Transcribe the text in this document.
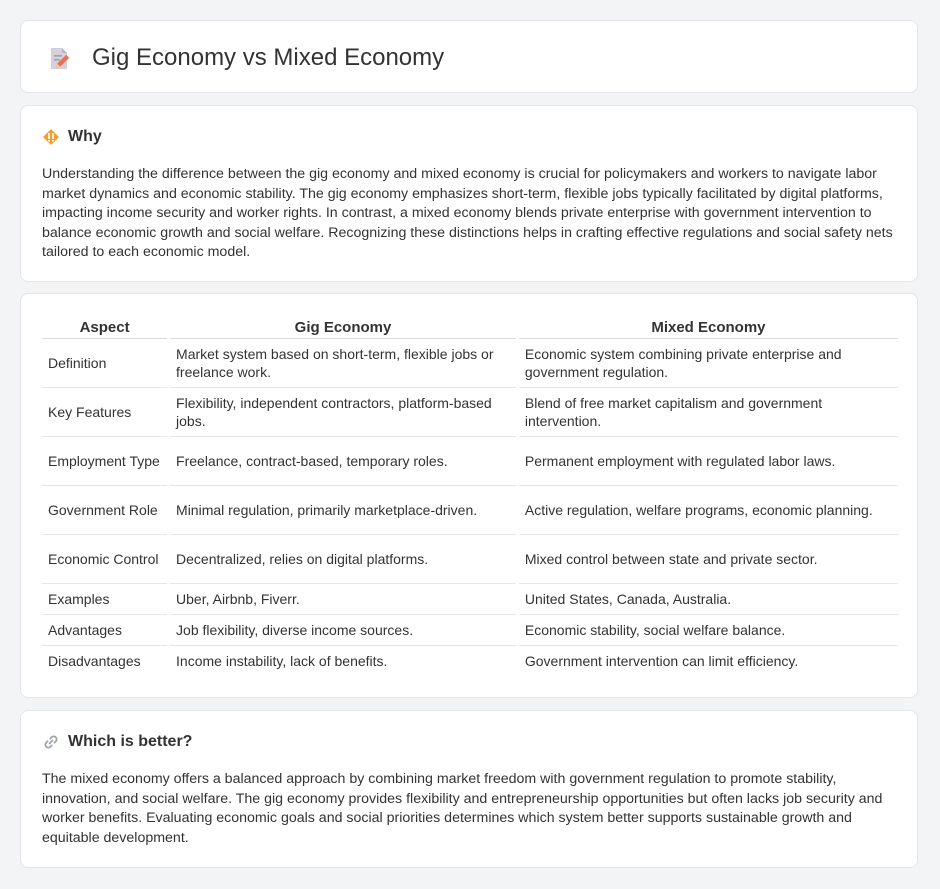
Gig Economy vs Mixed Economy
Why

Understanding the difference between the gig economy and mixed economy is crucial for policymakers and workers to navigate labor market dynamics and economic stability. The gig economy emphasizes short-term, flexible jobs typically facilitated by digital platforms, impacting income security and worker rights. In contrast, a mixed economy blends private enterprise with government intervention to balance economic growth and social welfare. Recognizing these distinctions helps in crafting effective regulations and social safety nets tailored to each economic model.

Aspect		Gig Economy		Mixed Economy
Definition		Market system based on short-term, flexible jobs or freelance work.		Economic system combining private enterprise and government regulation.
Key Features		Flexibility, independent contractors, platform-based jobs.		Blend of free market capitalism and government intervention.
Employment Type		Freelance, contract-based, temporary roles.		Permanent employment with regulated labor laws.
Government Role		Minimal regulation, primarily marketplace-driven.		Active regulation, welfare programs, economic planning.
Economic Control		Decentralized, relies on digital platforms.		Mixed control between state and private sector.
Examples		Uber, Airbnb, Fiverr.		United States, Canada, Australia.
Advantages		Job flexibility, diverse income sources.		Economic stability, social welfare balance.
Disadvantages		Income instability, lack of benefits.		Government intervention can limit efficiency.
Which is better?

The mixed economy offers a balanced approach by combining market freedom with government regulation to promote stability, innovation, and social welfare. The gig economy provides flexibility and entrepreneurship opportunities but often lacks job security and worker benefits. Evaluating economic goals and social priorities determines which system better supports sustainable growth and equitable development.
